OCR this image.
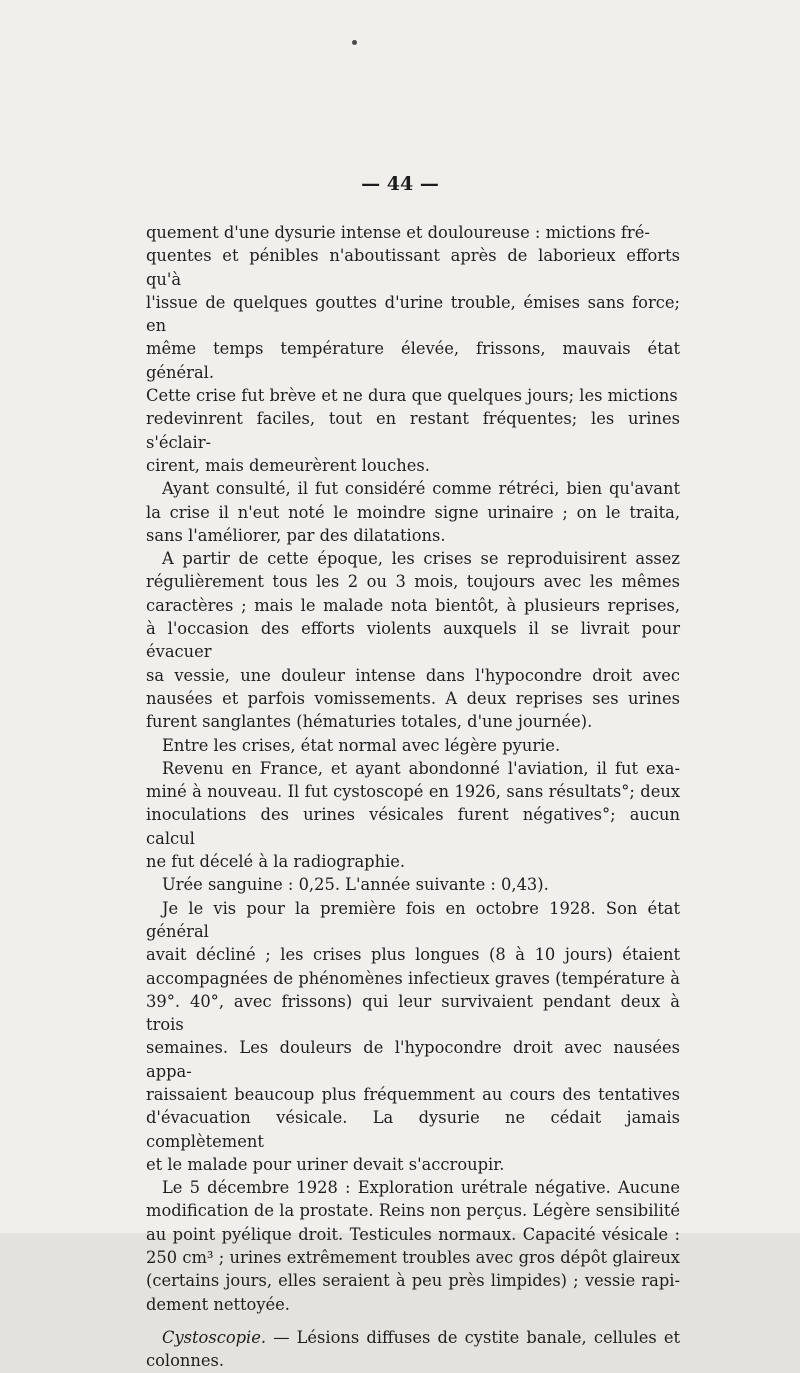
— 44 —

quement d'une dysurie intense et douloureuse : mictions fré-
quentes et pénibles n'aboutissant après de laborieux efforts qu'à
l'issue de quelques gouttes d'urine trouble, émises sans force; en
même temps température élevée, frissons, mauvais état général.
Cette crise fut brève et ne dura que quelques jours; les mictions
redevinrent faciles, tout en restant fréquentes; les urines s'éclair-
cirent, mais demeurèrent louches.

Ayant consulté, il fut considéré comme rétréci, bien qu'avant
la crise il n'eut noté le moindre signe urinaire ; on le traita,
sans l'améliorer, par des dilatations.

A partir de cette époque, les crises se reproduisirent assez
régulièrement tous les 2 ou 3 mois, toujours avec les mêmes
caractères ; mais le malade nota bientôt, à plusieurs reprises,
à l'occasion des efforts violents auxquels il se livrait pour évacuer
sa vessie, une douleur intense dans l'hypocondre droit avec
nausées et parfois vomissements. A deux reprises ses urines
furent sanglantes (hématuries totales, d'une journée).

Entre les crises, état normal avec légère pyurie.

Revenu en France, et ayant abondonné l'aviation, il fut exa-
miné à nouveau. Il fut cystoscopé en 1926, sans résultats°; deux
inoculations des urines vésicales furent négatives°; aucun calcul
ne fut décelé à la radiographie.

Urée sanguine : 0,25. L'année suivante : 0,43).

Je le vis pour la première fois en octobre 1928. Son état général
avait décliné ; les crises plus longues (8 à 10 jours) étaient
accompagnées de phénomènes infectieux graves (température à
39°. 40°, avec frissons) qui leur survivaient pendant deux à trois
semaines. Les douleurs de l'hypocondre droit avec nausées appa-
raissaient beaucoup plus fréquemment au cours des tentatives
d'évacuation vésicale. La dysurie ne cédait jamais complètement
et le malade pour uriner devait s'accroupir.

Le 5 décembre 1928 : Exploration urétrale négative. Aucune
modification de la prostate. Reins non perçus. Légère sensibilité
au point pyélique droit. Testicules normaux. Capacité vésicale :
250 cm³ ; urines extrêmement troubles avec gros dépôt glaireux
(certains jours, elles seraient à peu près limpides) ; vessie rapi-
dement nettoyée.

Cystoscopie. — Lésions diffuses de cystite banale, cellules et
colonnes.
